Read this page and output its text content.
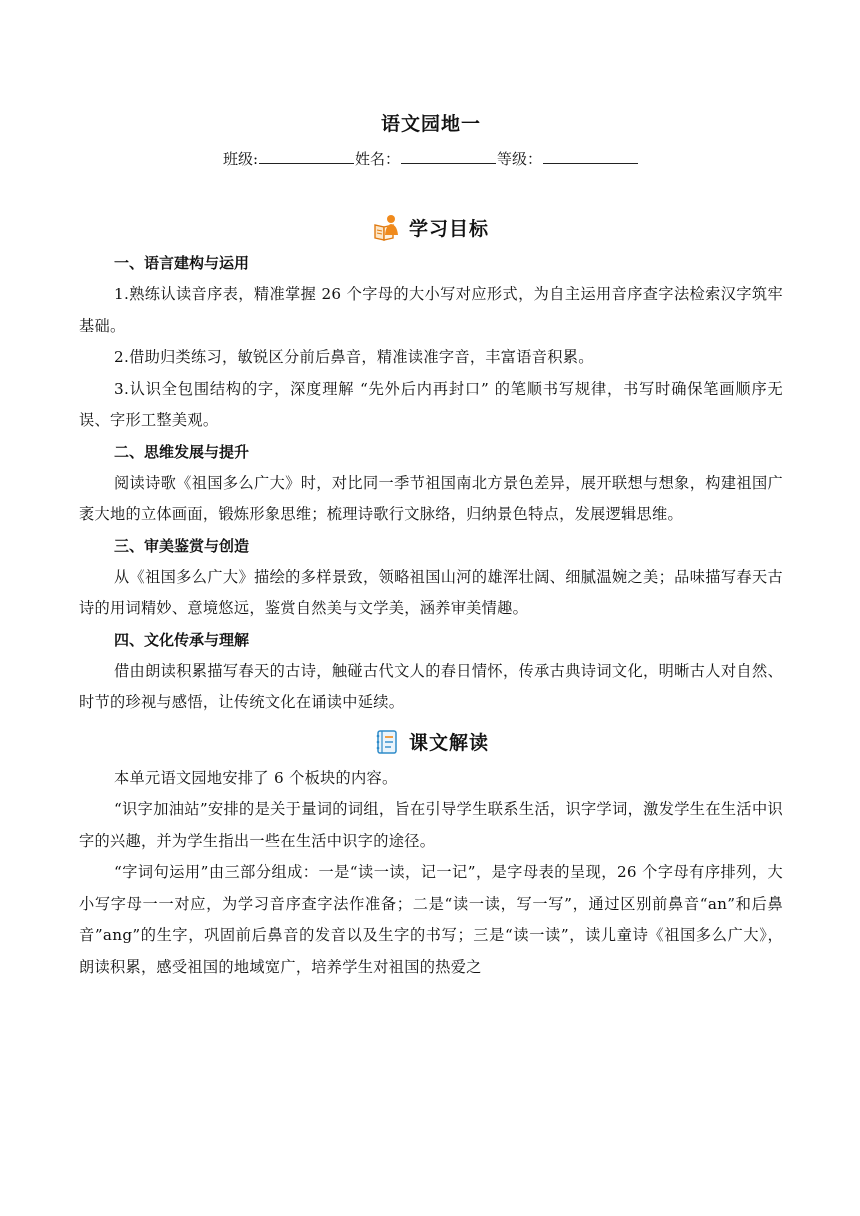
语文园地一
班级:	姓名：	等级：
学习目标
一、语言建构与运用

1.熟练认读音序表，精准掌握 26 个字母的大小写对应形式，为自主运用音序查字法检索汉字筑牢基础。

2.借助归类练习，敏锐区分前后鼻音，精准读准字音，丰富语音积累。

3.认识全包围结构的字，深度理解 “先外后内再封口” 的笔顺书写规律，书写时确保笔画顺序无误、字形工整美观。

二、思维发展与提升

阅读诗歌《祖国多么广大》时，对比同一季节祖国南北方景色差异，展开联想与想象，构建祖国广袤大地的立体画面，锻炼形象思维；梳理诗歌行文脉络，归纳景色特点，发展逻辑思维。

三、审美鉴赏与创造

从《祖国多么广大》描绘的多样景致，领略祖国山河的雄浑壮阔、细腻温婉之美；品味描写春天古诗的用词精妙、意境悠远，鉴赏自然美与文学美，涵养审美情趣。

四、文化传承与理解

借由朗读积累描写春天的古诗，触碰古代文人的春日情怀，传承古典诗词文化，明晰古人对自然、时节的珍视与感悟，让传统文化在诵读中延续。

课文解读

本单元语文园地安排了 6 个板块的内容。

“识字加油站”安排的是关于量词的词组，旨在引导学生联系生活，识字学词，激发学生在生活中识字的兴趣，并为学生指出一些在生活中识字的途径。

“字词句运用”由三部分组成：一是“读一读，记一记”，是字母表的呈现，26 个字母有序排列，大小写字母一一对应，为学习音序查字法作准备；二是“读一读，写一写”，通过区别前鼻音“an”和后鼻音”ang”的生字，巩固前后鼻音的发音以及生字的书写；三是“读一读”，读儿童诗《祖国多么广大》，朗读积累，感受祖国的地域宽广，培养学生对祖国的热爱之
